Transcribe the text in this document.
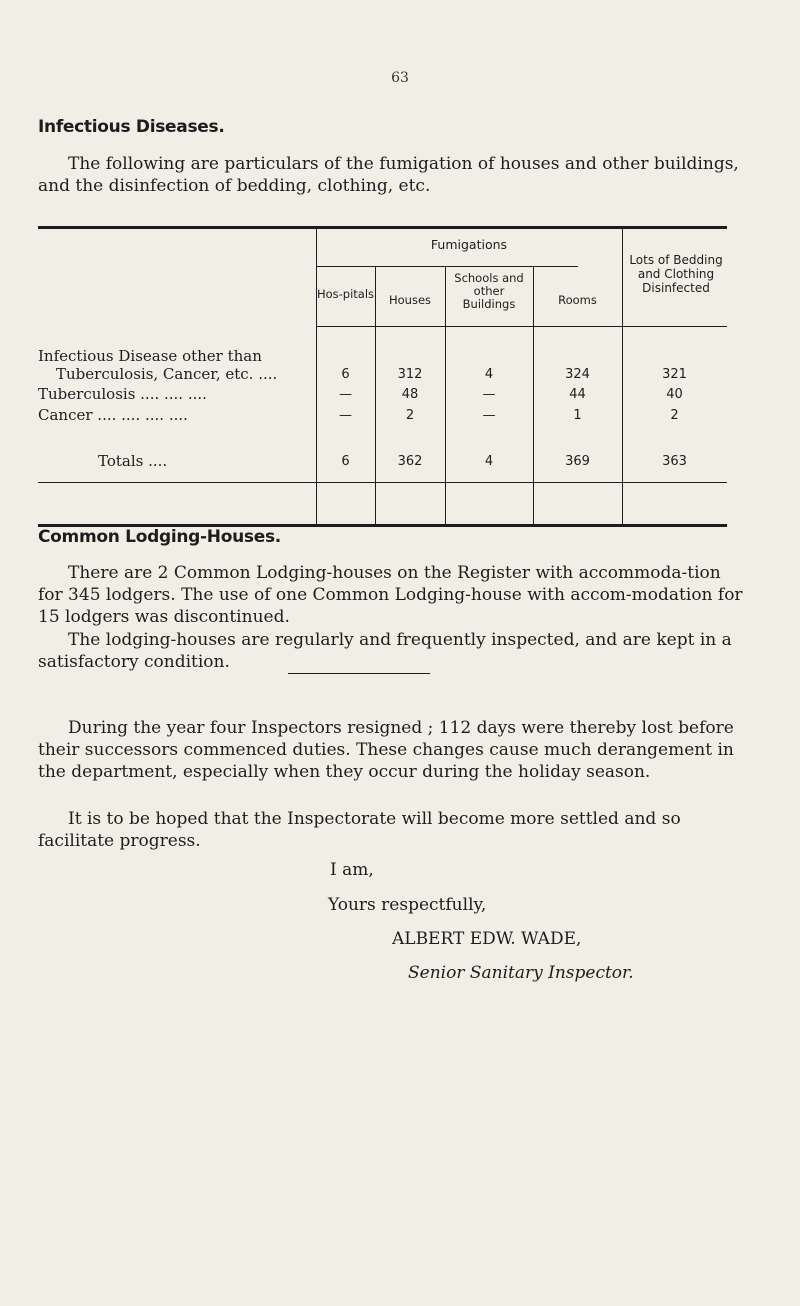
63
Infectious Diseases.
The following are particulars of the fumigation of houses and other buildings, and the disinfection of bedding, clothing, etc.
Fumigations
Hos-pitals	Houses
Schools and other Buildings	Rooms
Lots of Bedding and Clothing Disinfected
Infectious Disease other than
Tuberculosis, Cancer, etc. ....	6	312	4	324	321
Tuberculosis .... .... ....	—	48	—	44	40
Cancer .... .... .... ....	—	2	—	1	2
Totals ....	6	362	4	369	363
Common Lodging-Houses.
There are 2 Common Lodging-houses on the Register with accommoda-tion for 345 lodgers. The use of one Common Lodging-house with accom-modation for 15 lodgers was discontinued.
The lodging-houses are regularly and frequently inspected, and are kept in a satisfactory condition.
During the year four Inspectors resigned ; 112 days were thereby lost before their successors commenced duties. These changes cause much derangement in the department, especially when they occur during the holiday season.
It is to be hoped that the Inspectorate will become more settled and so facilitate progress.
I am,
Yours respectfully,
ALBERT EDW. WADE,
Senior Sanitary Inspector.
